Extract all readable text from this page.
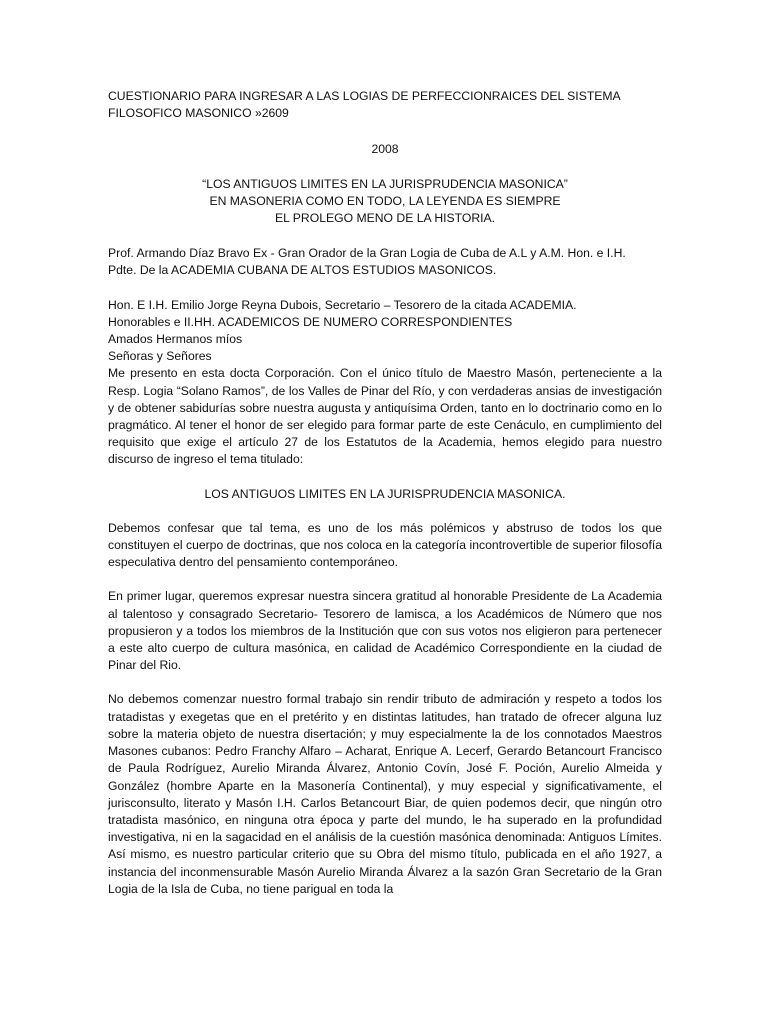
CUESTIONARIO PARA INGRESAR A LAS LOGIAS DE PERFECCIONRAICES DEL SISTEMA FILOSOFICO MASONICO »2609

2008

“LOS ANTIGUOS LIMITES EN LA JURISPRUDENCIA MASONICA”
EN MASONERIA COMO EN TODO, LA LEYENDA ES SIEMPRE
EL PROLEGO MENO DE LA HISTORIA.
Prof. Armando Díaz Bravo Ex - Gran Orador de la Gran Logia de Cuba de A.L y A.M. Hon. e I.H.
Pdte. De la ACADEMIA CUBANA DE ALTOS ESTUDIOS MASONICOS.
Hon. E I.H. Emilio Jorge Reyna Dubois, Secretario – Tesorero de la citada ACADEMIA.
Honorables e II.HH. ACADEMICOS DE NUMERO CORRESPONDIENTES
Amados Hermanos míos
Señoras y Señores

Me presento en esta docta Corporación. Con el único título de Maestro Masón, perteneciente a la Resp. Logia “Solano Ramos”, de los Valles de Pinar del Río, y con verdaderas ansias de investigación y de obtener sabidurías sobre nuestra augusta y antiquísima Orden, tanto en lo doctrinario como en lo pragmático. Al tener el honor de ser elegido para formar parte de este Cenáculo, en cumplimiento del requisito que exige el artículo 27 de los Estatutos de la Academia, hemos elegido para nuestro discurso de ingreso el tema titulado:

LOS ANTIGUOS LIMITES EN LA JURISPRUDENCIA MASONICA.

Debemos confesar que tal tema, es uno de los más polémicos y abstruso de todos los que constituyen el cuerpo de doctrinas, que nos coloca en la categoría incontrovertible de superior filosofía especulativa dentro del pensamiento contemporáneo.

En primer lugar, queremos expresar nuestra sincera gratitud al honorable Presidente de La Academia al talentoso y consagrado Secretario- Tesorero de lamisca, a los Académicos de Número que nos propusieron y a todos los miembros de la Institución que con sus votos nos eligieron para pertenecer a este alto cuerpo de cultura masónica, en calidad de Académico Correspondiente en la ciudad de Pinar del Rio.

No debemos comenzar nuestro formal trabajo sin rendir tributo de admiración y respeto a todos los tratadistas y exegetas que en el pretérito y en distintas latitudes, han tratado de ofrecer alguna luz sobre la materia objeto de nuestra disertación; y muy especialmente la de los connotados Maestros Masones cubanos: Pedro Franchy Alfaro – Acharat, Enrique A. Lecerf, Gerardo Betancourt Francisco de Paula Rodríguez, Aurelio Miranda Álvarez, Antonio Covín, José F. Poción, Aurelio Almeida y González (hombre Aparte en la Masonería Continental), y muy especial y significativamente, el jurisconsulto, literato y Masón I.H. Carlos Betancourt Biar, de quien podemos decir, que ningún otro tratadista masónico, en ninguna otra época y parte del mundo, le ha superado en la profundidad investigativa, ni en la sagacidad en el análisis de la cuestión masónica denominada: Antiguos Límites. Así mismo, es nuestro particular criterio que su Obra del mismo título, publicada en el año 1927, a instancia del inconmensurable Masón Aurelio Miranda Álvarez a la sazón Gran Secretario de la Gran Logia de la Isla de Cuba, no tiene parigual en toda la
